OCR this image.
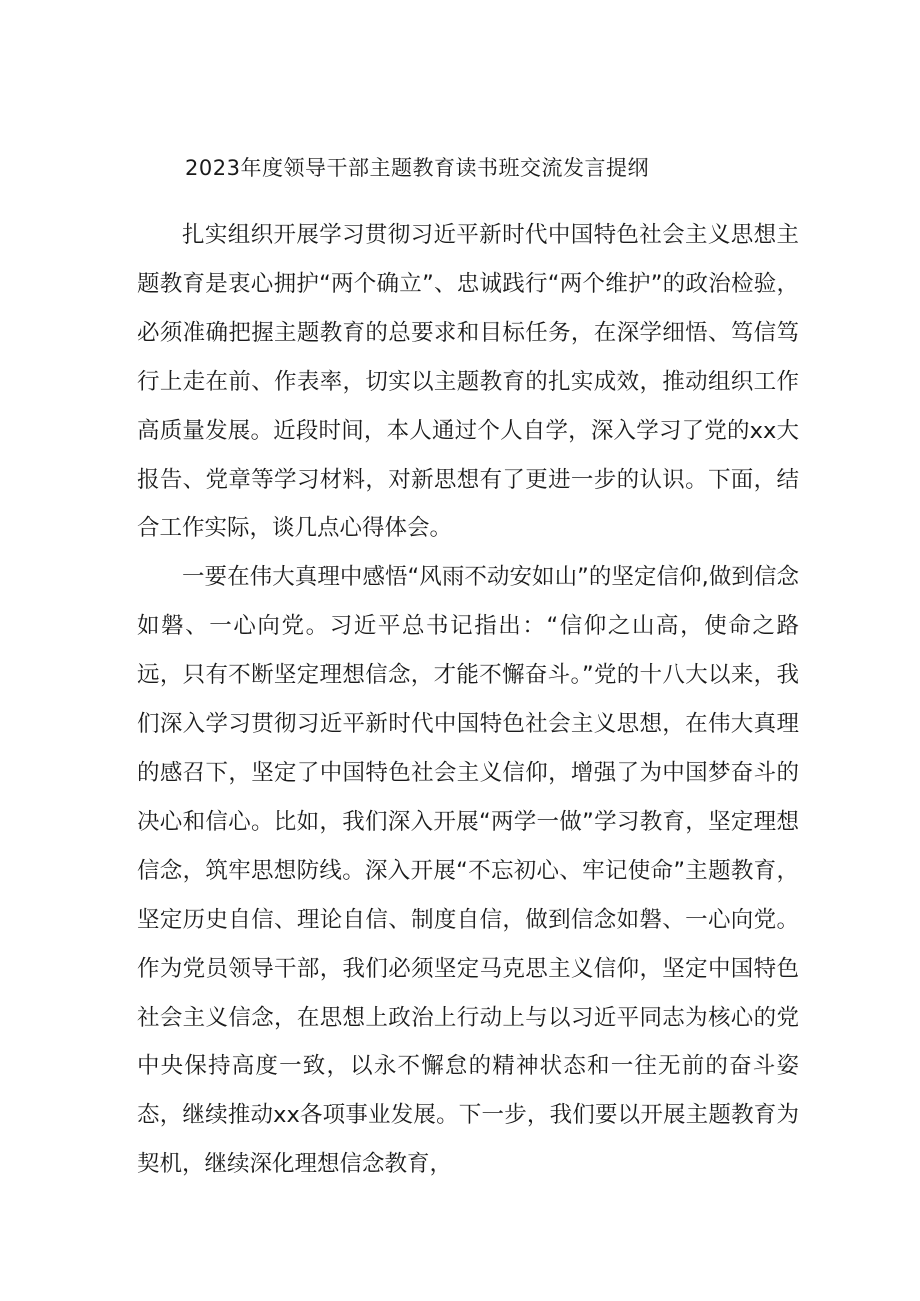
2023年度领导干部主题教育读书班交流发言提纲

扎实组织开展学习贯彻习近平新时代中国特色社会主义思想主题教育是衷心拥护“两个确立”、忠诚践行“两个维护”的政治检验，必须准确把握主题教育的总要求和目标任务，在深学细悟、笃信笃行上走在前、作表率，切实以主题教育的扎实成效，推动组织工作高质量发展。近段时间，本人通过个人自学，深入学习了党的xx大报告、党章等学习材料，对新思想有了更进一步的认识。下面，结合工作实际，谈几点心得体会。

一要在伟大真理中感悟“风雨不动安如山”的坚定信仰,做到信念如磐、一心向党。习近平总书记指出：“信仰之山高，使命之路远，只有不断坚定理想信念，才能不懈奋斗。”党的十八大以来，我们深入学习贯彻习近平新时代中国特色社会主义思想，在伟大真理的感召下，坚定了中国特色社会主义信仰，增强了为中国梦奋斗的决心和信心。比如，我们深入开展“两学一做”学习教育，坚定理想信念，筑牢思想防线。深入开展“不忘初心、牢记使命”主题教育，坚定历史自信、理论自信、制度自信，做到信念如磐、一心向党。作为党员领导干部，我们必须坚定马克思主义信仰，坚定中国特色社会主义信念，在思想上政治上行动上与以习近平同志为核心的党中央保持高度一致，以永不懈怠的精神状态和一往无前的奋斗姿态，继续推动xx各项事业发展。下一步，我们要以开展主题教育为契机，继续深化理想信念教育，
